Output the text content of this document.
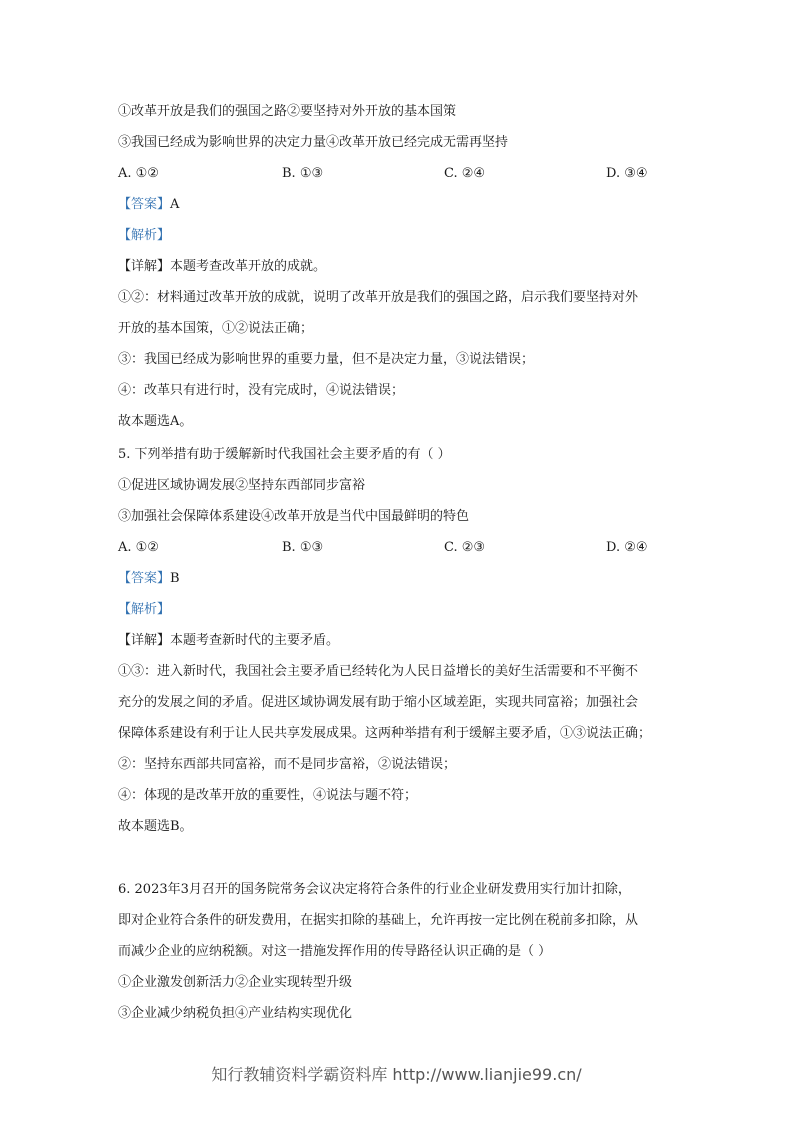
①改革开放是我们的强国之路②要坚持对外开放的基本国策
③我国已经成为影响世界的决定力量④改革开放已经完成无需再坚持
A. ①②	B. ①③	C. ②④	D. ③④
【答案】A
【解析】
【详解】本题考查改革开放的成就。
①②：材料通过改革开放的成就，说明了改革开放是我们的强国之路，启示我们要坚持对外
开放的基本国策，①②说法正确；
③：我国已经成为影响世界的重要力量，但不是决定力量，③说法错误；
④：改革只有进行时，没有完成时，④说法错误；
故本题选A。
5. 下列举措有助于缓解新时代我国社会主要矛盾的有（ ）
①促进区域协调发展②坚持东西部同步富裕
③加强社会保障体系建设④改革开放是当代中国最鲜明的特色
A. ①②	B. ①③	C. ②③	D. ②④
【答案】B
【解析】
【详解】本题考查新时代的主要矛盾。
①③：进入新时代，我国社会主要矛盾已经转化为人民日益增长的美好生活需要和不平衡不
充分的发展之间的矛盾。促进区域协调发展有助于缩小区域差距，实现共同富裕；加强社会
保障体系建设有利于让人民共享发展成果。这两种举措有利于缓解主要矛盾，①③说法正确；
②：坚持东西部共同富裕，而不是同步富裕，②说法错误；
④：体现的是改革开放的重要性，④说法与题不符；
故本题选B。
6. 2023年3月召开的国务院常务会议决定将符合条件的行业企业研发费用实行加计扣除，
即对企业符合条件的研发费用，在据实扣除的基础上，允许再按一定比例在税前多扣除，从
而减少企业的应纳税额。对这一措施发挥作用的传导路径认识正确的是（ ）
①企业激发创新活力②企业实现转型升级
③企业减少纳税负担④产业结构实现优化
知行教辅资料学霸资料库 http://www.lianjie99.cn/
